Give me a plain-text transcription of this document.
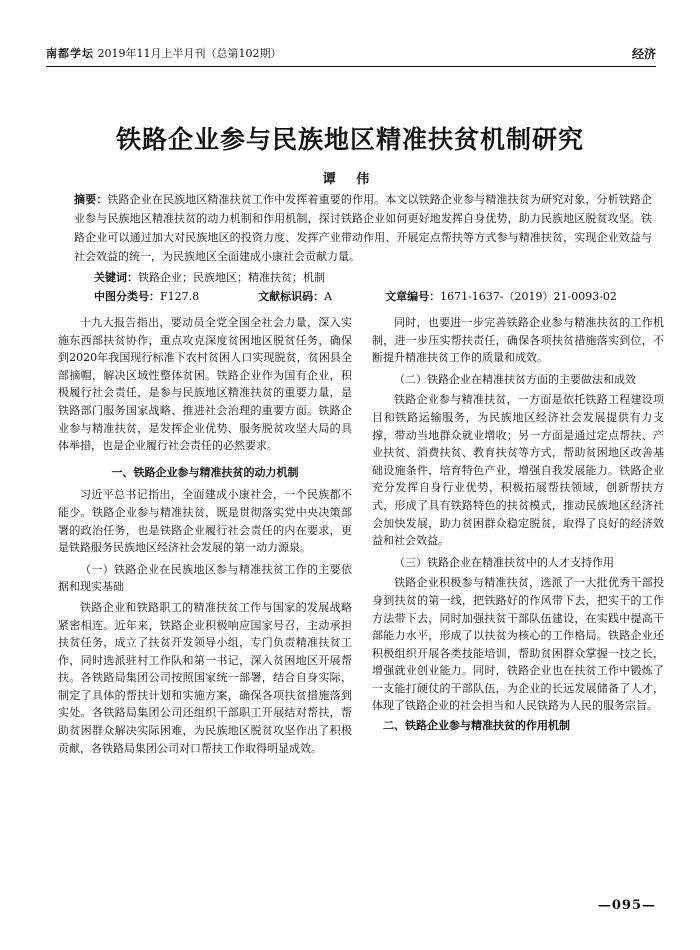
南都学坛 2019年11月上半月刊（总第102期）	经济
铁路企业参与民族地区精准扶贫机制研究
谭 伟
摘要：铁路企业在民族地区精准扶贫工作中发挥着重要的作用。本文以铁路企业参与精准扶贫为研究对象，分析铁路企业参与民族地区精准扶贫的动力机制和作用机制，探讨铁路企业如何更好地发挥自身优势，助力民族地区脱贫攻坚。铁路企业可以通过加大对民族地区的投资力度、发挥产业带动作用、开展定点帮扶等方式参与精准扶贫，实现企业效益与社会效益的统一，为民族地区全面建成小康社会贡献力量。
关键词：铁路企业；民族地区；精准扶贫；机制
中图分类号：F127.8	文献标识码：A	文章编号：1671-1637-（2019）21-0093-02

十九大报告指出，要动员全党全国全社会力量，深入实施东西部扶贫协作，重点攻克深度贫困地区脱贫任务，确保到2020年我国现行标准下农村贫困人口实现脱贫，贫困县全部摘帽，解决区域性整体贫困。铁路企业作为国有企业，积极履行社会责任，是参与民族地区精准扶贫的重要力量，是铁路部门服务国家战略、推进社会治理的重要方面。铁路企业参与精准扶贫，是发挥企业优势、服务脱贫攻坚大局的具体举措，也是企业履行社会责任的必然要求。

一、铁路企业参与精准扶贫的动力机制

习近平总书记指出，全面建成小康社会，一个民族都不能少。铁路企业参与精准扶贫，既是贯彻落实党中央决策部署的政治任务，也是铁路企业履行社会责任的内在要求，更是铁路服务民族地区经济社会发展的第一动力源泉。

（一）铁路企业在民族地区参与精准扶贫工作的主要依据和现实基础

铁路企业和铁路职工的精准扶贫工作与国家的发展战略紧密相连。近年来，铁路企业积极响应国家号召，主动承担扶贫任务，成立了扶贫开发领导小组，专门负责精准扶贫工作，同时选派驻村工作队和第一书记，深入贫困地区开展帮扶。各铁路局集团公司按照国家统一部署，结合自身实际，制定了具体的帮扶计划和实施方案，确保各项扶贫措施落到实处。各铁路局集团公司还组织干部职工开展结对帮扶，帮助贫困群众解决实际困难，为民族地区脱贫攻坚作出了积极贡献，各铁路局集团公司对口帮扶工作取得明显成效。

同时，也要进一步完善铁路企业参与精准扶贫的工作机制，进一步压实帮扶责任，确保各项扶贫措施落实到位，不断提升精准扶贫工作的质量和成效。

（二）铁路企业在精准扶贫方面的主要做法和成效

铁路企业参与精准扶贫，一方面是依托铁路工程建设项目和铁路运输服务，为民族地区经济社会发展提供有力支撑，带动当地群众就业增收；另一方面是通过定点帮扶、产业扶贫、消费扶贫、教育扶贫等方式，帮助贫困地区改善基础设施条件，培育特色产业，增强自我发展能力。铁路企业充分发挥自身行业优势，积极拓展帮扶领域，创新帮扶方式，形成了具有铁路特色的扶贫模式，推动民族地区经济社会加快发展，助力贫困群众稳定脱贫，取得了良好的经济效益和社会效益。

（三）铁路企业在精准扶贫中的人才支持作用

铁路企业积极参与精准扶贫，选派了一大批优秀干部投身到扶贫的第一线，把铁路好的作风带下去，把实干的工作方法带下去，同时加强扶贫干部队伍建设，在实践中提高干部能力水平，形成了以扶贫为核心的工作格局。铁路企业还积极组织开展各类技能培训，帮助贫困群众掌握一技之长，增强就业创业能力。同时，铁路企业也在扶贫工作中锻炼了一支能打硬仗的干部队伍，为企业的长远发展储备了人才，体现了铁路企业的社会担当和人民铁路为人民的服务宗旨。

二、铁路企业参与精准扶贫的作用机制
—095—
